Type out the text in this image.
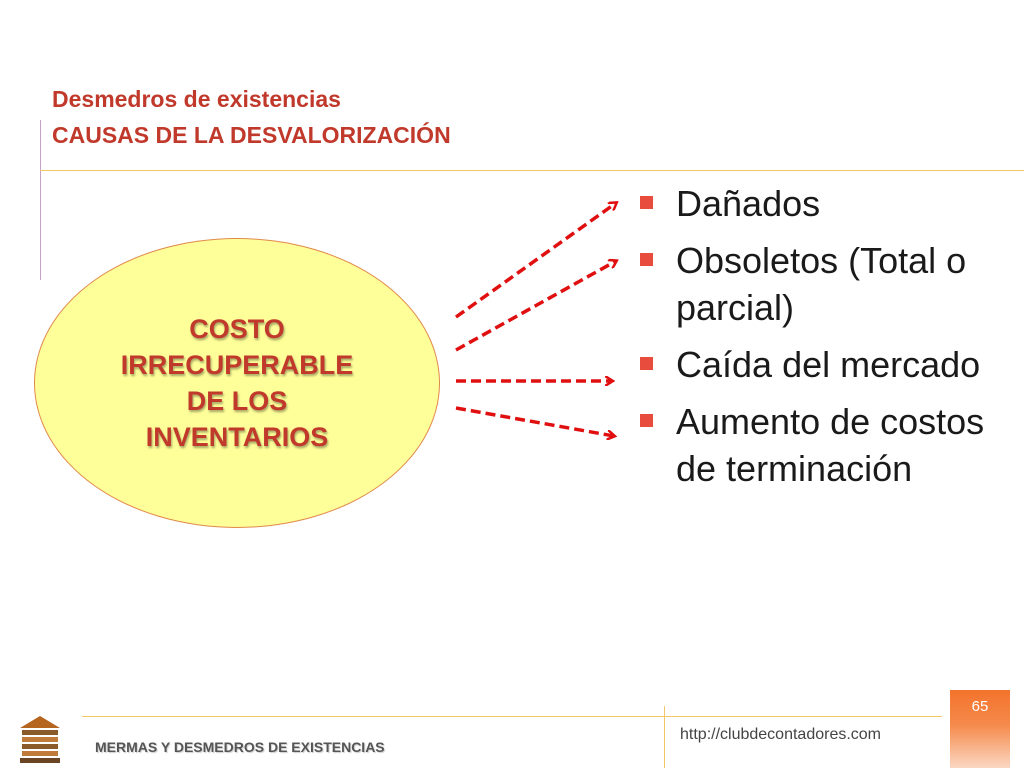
Desmedros de existencias
CAUSAS DE LA DESVALORIZACIÓN
COSTO
IRRECUPERABLE
DE LOS
INVENTARIOS
Dañados
Obsoletos (Total o parcial)
Caída del mercado
Aumento de costos de terminación
MERMAS Y DESMEDROS DE EXISTENCIAS
http://clubdecontadores.com
65
